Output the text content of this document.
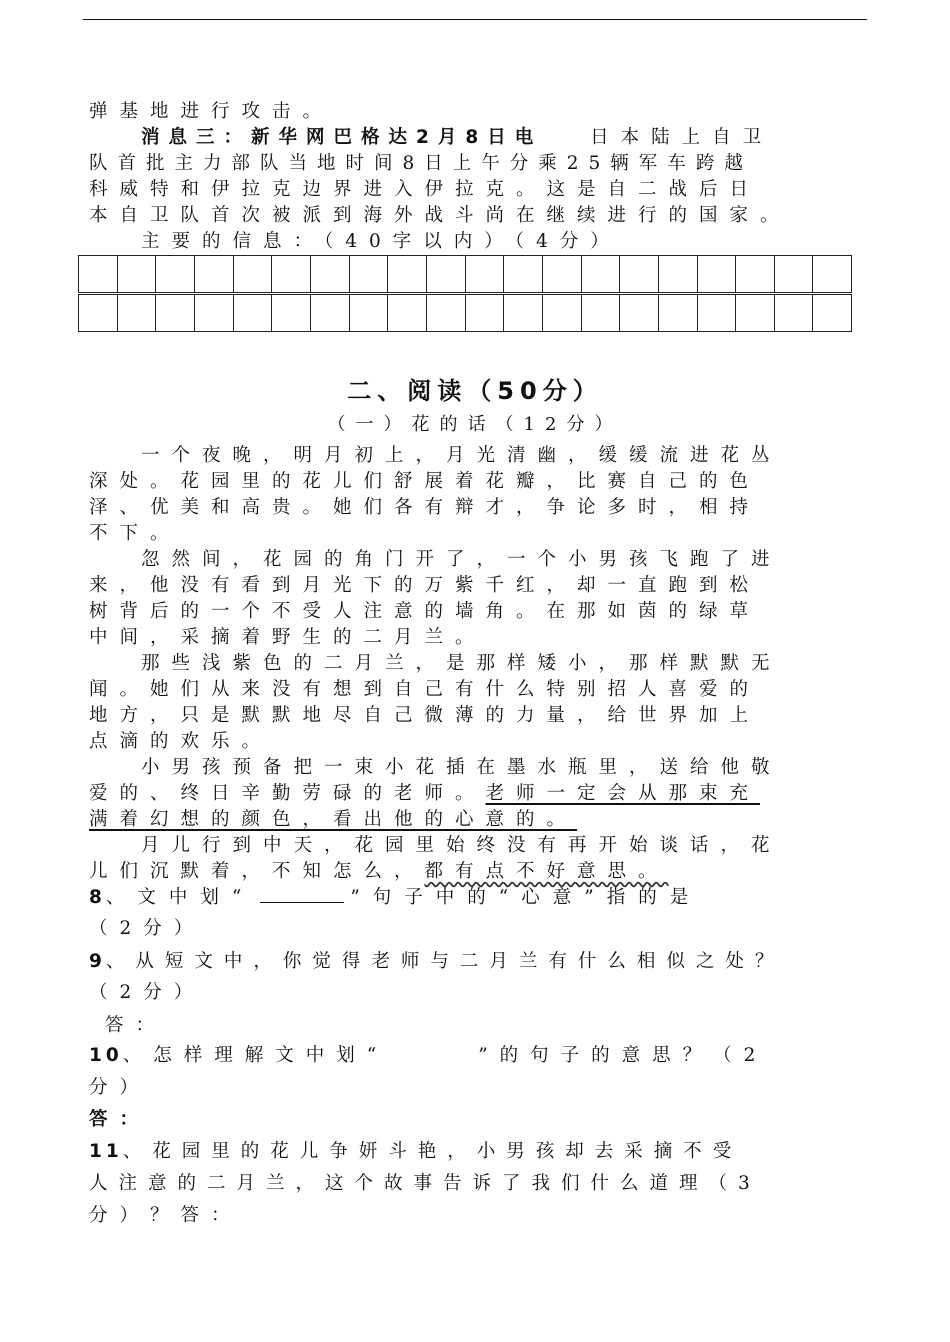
弹基地进行攻击。
消息三：新华网巴格达2月8日电	日本陆上自卫
队首批主力部队当地时间8日上午分乘25辆军车跨越
科威特和伊拉克边界进入伊拉克。这是自二战后日
本自卫队首次被派到海外战斗尚在继续进行的国家。
主要的信息：（40字以内）（4分）
二、阅读（50分）
（一）花的话（12分）
一个夜晚，明月初上，月光清幽，缓缓流进花丛
深处。花园里的花儿们舒展着花瓣，比赛自己的色
泽、优美和高贵。她们各有辩才，争论多时，相持
不下。
忽然间，花园的角门开了，一个小男孩飞跑了进
来，他没有看到月光下的万紫千红，却一直跑到松
树背后的一个不受人注意的墙角。在那如茵的绿草
中间，采摘着野生的二月兰。
那些浅紫色的二月兰，是那样矮小，那样默默无
闻。她们从来没有想到自己有什么特别招人喜爱的
地方，只是默默地尽自己微薄的力量，给世界加上
点滴的欢乐。
小男孩预备把一束小花插在墨水瓶里，送给他敬
爱的、终日辛勤劳碌的老师。老师一定会从那束充
满着幻想的颜色，看出他的心意的。
月儿行到中天，花园里始终没有再开始谈话，花
儿们沉默着，不知怎么，都有点不好意思。
8、文中划“	”句子中的“心意”指的是
（2分）
9、从短文中，你觉得老师与二月兰有什么相似之处？
（2分）
答：
10、怎样理解文中划“	”的句子的意思？（2
分）
答：
11、花园里的花儿争妍斗艳，小男孩却去采摘不受
人注意的二月兰，这个故事告诉了我们什么道理（3
分）？答：
